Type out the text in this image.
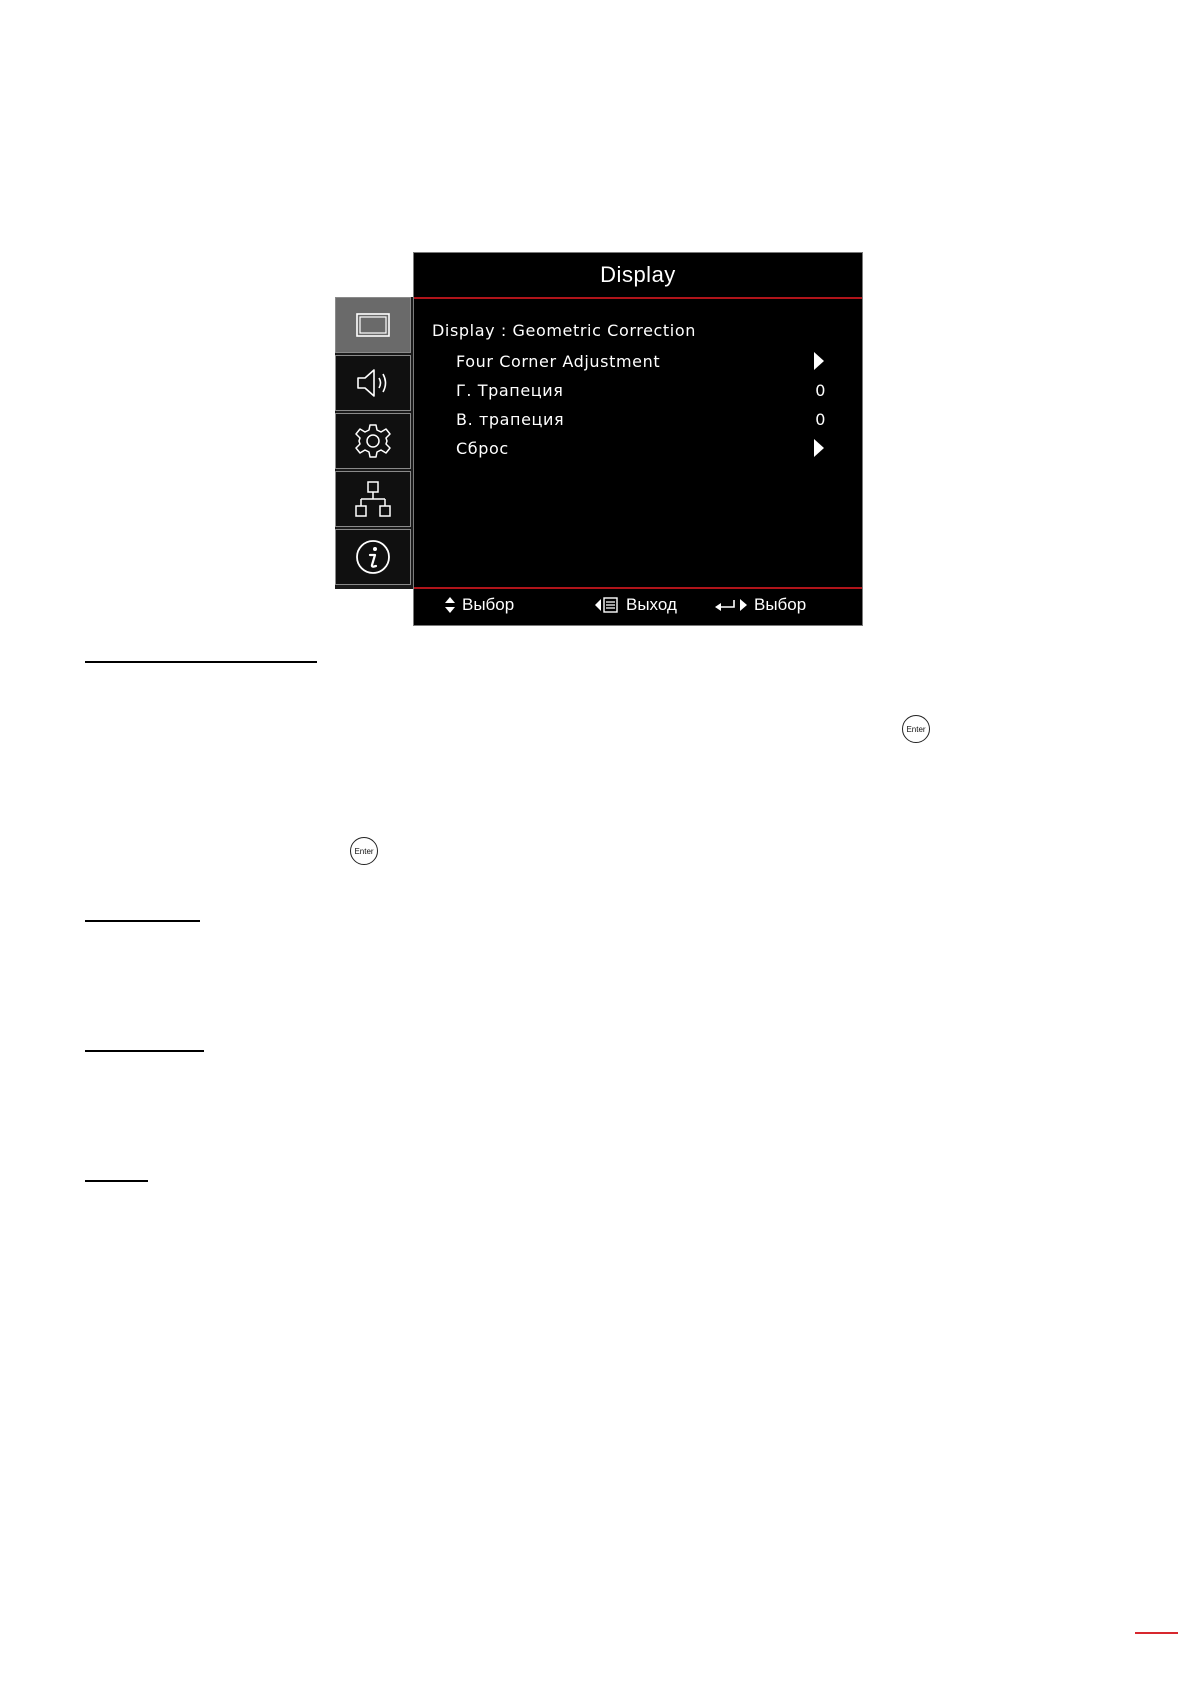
Display
Display : Geometric Correction
Four Corner Adjustment
Г. Трапеция	0
В. трапеция	0
Сброс
Выбор	Выход	Выбор
Enter
Enter
